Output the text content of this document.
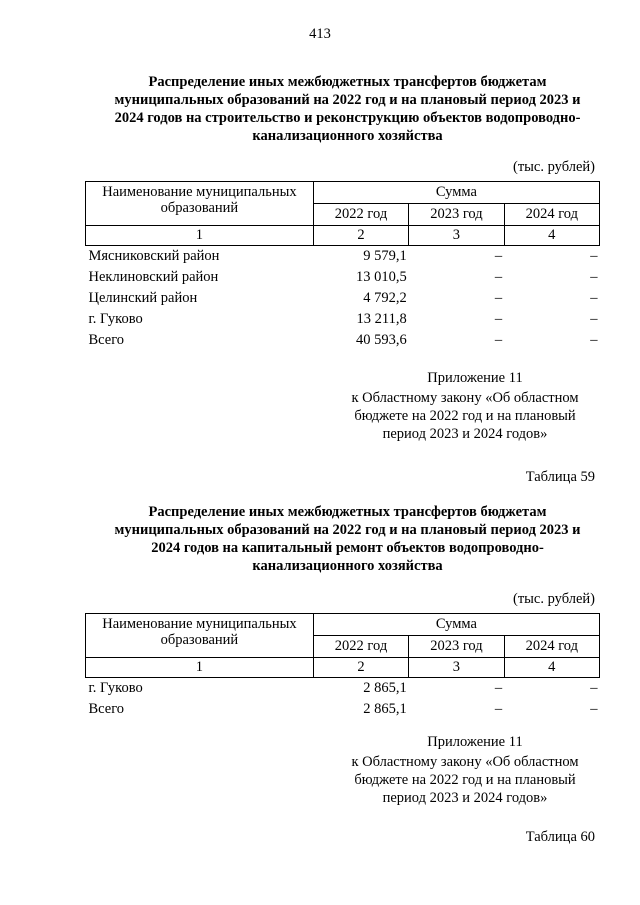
413
Распределение иных межбюджетных трансфертов бюджетам
муниципальных образований на 2022 год и на плановый период 2023 и
2024 годов на строительство и реконструкцию объектов водопроводно-
канализационного хозяйства
(тыс. рублей)
Наименование муниципальных образований	Сумма		
	2022 год	2023 год	2024 год
1	2	3	4
Мясниковский район	9 579,1	–	–
Неклиновский район	13 010,5	–	–
Целинский район	4 792,2	–	–
г. Гуково	13 211,8	–	–
Всего	40 593,6	–	–
Приложение 11
к Областному закону «Об областном
бюджете на 2022 год и на плановый
период 2023 и 2024 годов»
Таблица 59
Распределение иных межбюджетных трансфертов бюджетам
муниципальных образований на 2022 год и на плановый период 2023 и
2024 годов на капитальный ремонт объектов водопроводно-
канализационного хозяйства
(тыс. рублей)
Наименование муниципальных образований	Сумма		
	2022 год	2023 год	2024 год
1	2	3	4
г. Гуково	2 865,1	–	–
Всего	2 865,1	–	–
Приложение 11
к Областному закону «Об областном
бюджете на 2022 год и на плановый
период 2023 и 2024 годов»
Таблица 60
